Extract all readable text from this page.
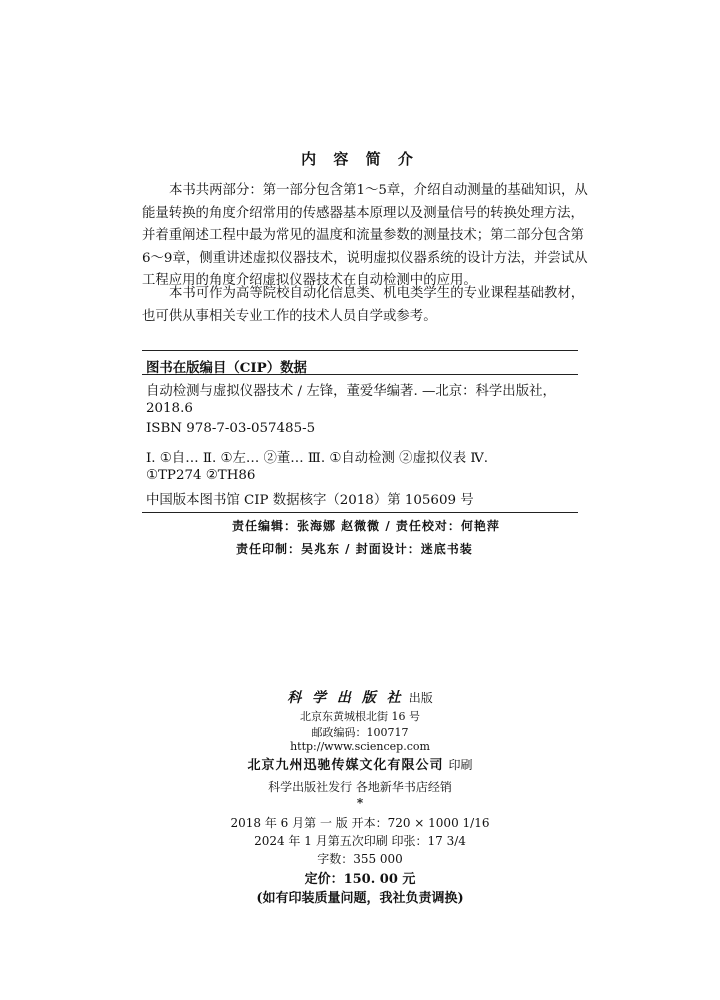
内 容 简 介
本书共两部分：第一部分包含第1～5章，介绍自动测量的基础知识，从
能量转换的角度介绍常用的传感器基本原理以及测量信号的转换处理方法，
并着重阐述工程中最为常见的温度和流量参数的测量技术；第二部分包含第
6～9章，侧重讲述虚拟仪器技术，说明虚拟仪器系统的设计方法，并尝试从
工程应用的角度介绍虚拟仪器技术在自动检测中的应用。
本书可作为高等院校自动化信息类、机电类学生的专业课程基础教材，
也可供从事相关专业工作的技术人员自学或参考。
图书在版编目（CIP）数据
自动检测与虚拟仪器技术 / 左锋，董爱华编著. —北京：科学出版社，
2018.6
ISBN 978-7-03-057485-5
Ⅰ. ①自… Ⅱ. ①左… ②董… Ⅲ. ①自动检测 ②虚拟仪表 Ⅳ.
①TP274 ②TH86
中国版本图书馆 CIP 数据核字（2018）第 105609 号
责任编辑：张海娜 赵微微 / 责任校对：何艳萍
责任印制：吴兆东 / 封面设计：迷底书装
科 学 出 版 社 出版
北京东黄城根北街 16 号
邮政编码：100717
http://www.sciencep.com
北京九州迅驰传媒文化有限公司 印刷
科学出版社发行 各地新华书店经销
*
2018 年 6 月第 一 版 开本：720 × 1000 1/16
2024 年 1 月第五次印刷 印张：17 3/4
字数：355 000
定价：150. 00 元
(如有印装质量问题，我社负责调换)
